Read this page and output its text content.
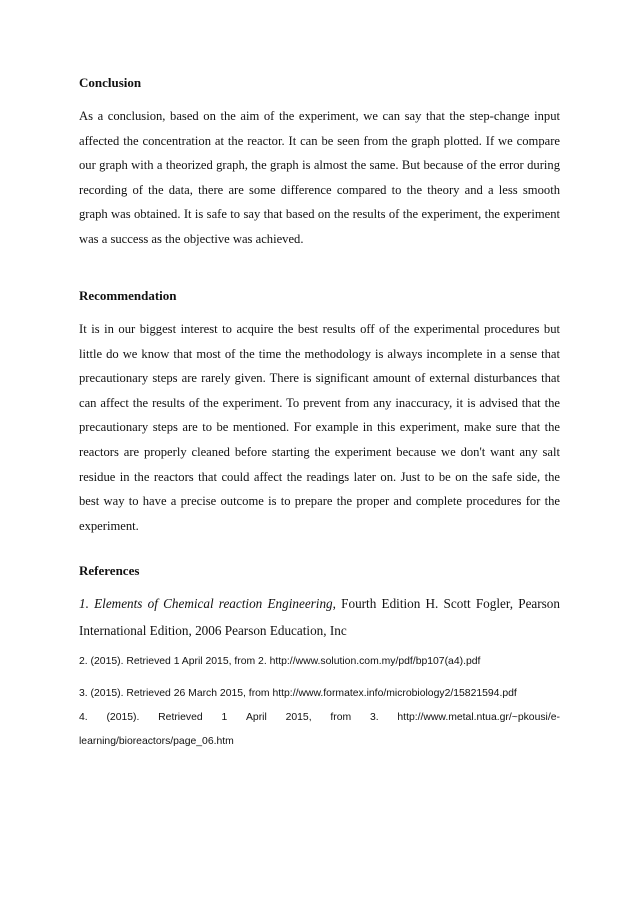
Conclusion

As a conclusion, based on the aim of the experiment, we can say that the step-change input affected the concentration at the reactor. It can be seen from the graph plotted. If we compare our graph with a theorized graph, the graph is almost the same. But because of the error during recording of the data, there are some difference compared to the theory and a less smooth graph was obtained. It is safe to say that based on the results of the experiment, the experiment was a success as the objective was achieved.

Recommendation

It is in our biggest interest to acquire the best results off of the experimental procedures but little do we know that most of the time the methodology is always incomplete in a sense that precautionary steps are rarely given. There is significant amount of external disturbances that can affect the results of the experiment. To prevent from any inaccuracy, it is advised that the precautionary steps are to be mentioned. For example in this experiment, make sure that the reactors are properly cleaned before starting the experiment because we don't want any salt residue in the reactors that could affect the readings later on. Just to be on the safe side, the best way to have a precise outcome is to prepare the proper and complete procedures for the experiment.

References

1. Elements of Chemical reaction Engineering, Fourth Edition H. Scott Fogler, Pearson International Edition, 2006 Pearson Education, Inc

2. (2015). Retrieved 1 April 2015, from 2. http://www.solution.com.my/pdf/bp107(a4).pdf

3. (2015). Retrieved 26 March 2015, from http://www.formatex.info/microbiology2/15821594.pdf

4. (2015). Retrieved 1 April 2015, from 3. http://www.metal.ntua.gr/~pkousi/e-
learning/bioreactors/page_06.htm
